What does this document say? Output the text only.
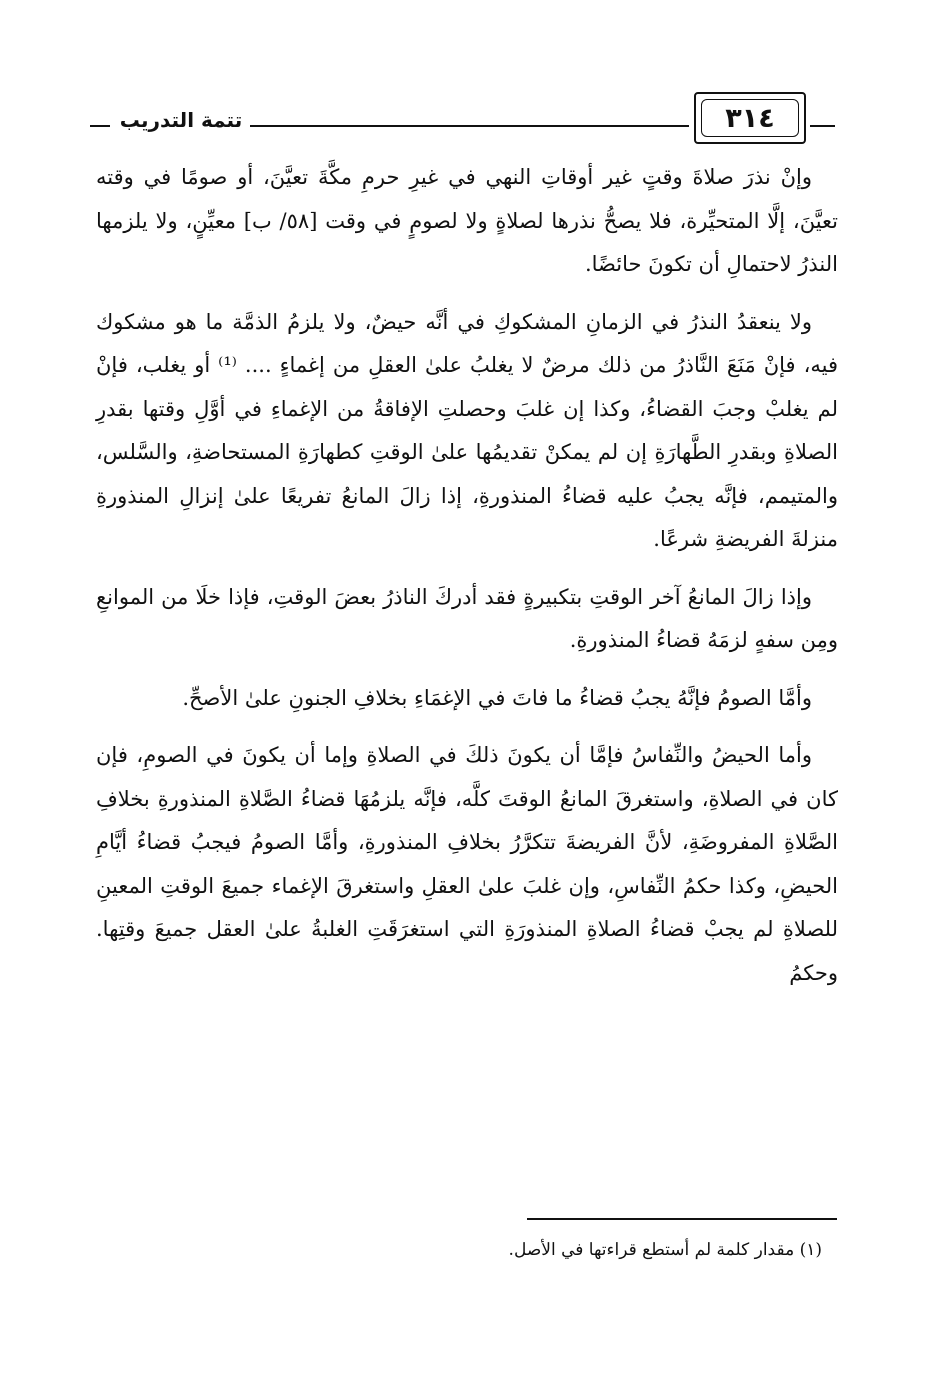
تتمة التدريب	٣١٤

وإنْ نذرَ صلاةَ وقتٍ غير أوقاتِ النهي في غيرِ حرمِ مكَّةَ تعيَّنَ، أو صومًا في وقته تعيَّنَ، إلَّا المتحيِّرة، فلا يصحُّ نذرها لصلاةٍ ولا لصومٍ في وقت [٥٨/ ب] معيِّنٍ، ولا يلزمها النذرُ لاحتمالِ أن تكونَ حائضًا.

ولا ينعقدُ النذرُ في الزمانِ المشكوكِ في أنَّه حيضٌ، ولا يلزمُ الذمَّة ما هو مشكوك فيه، فإنْ مَنَعَ النَّاذرُ من ذلك مرضٌ لا يغلبُ علىٰ العقلِ من إغماءٍ .... ⁽¹⁾ أو يغلب، فإنْ لم يغلبْ وجبَ القضاءُ، وكذا إن غلبَ وحصلتِ الإفاقةُ من الإغماءِ في أوَّلِ وقتها بقدرِ الصلاةِ وبقدرِ الطَّهارَةِ إن لم يمكنْ تقديمُها علىٰ الوقتِ كطهارَةِ المستحاضةِ، والسَّلس، والمتيمم، فإنَّه يجبُ عليه قضاءُ المنذورةِ، إذا زالَ المانعُ تفريعًا علىٰ إنزالِ المنذورةِ منزلةَ الفريضةِ شرعًا.

وإذا زالَ المانعُ آخر الوقتِ بتكبيرةٍ فقد أدركَ الناذرُ بعضَ الوقتِ، فإذا خلَا من الموانعِ ومِن سفهٍ لزمَهُ قضاءُ المنذورةِ.

وأمَّا الصومُ فإنَّهُ يجبُ قضاءُ ما فاتَ في الإغمَاءِ بخلافِ الجنونِ علىٰ الأصحِّ.

وأما الحيضُ والنِّفاسُ فإمَّا أن يكونَ ذلكَ في الصلاةِ وإما أن يكونَ في الصومِ، فإن كان في الصلاةِ، واستغرقَ المانعُ الوقتَ كلَّه، فإنَّه يلزمُهَا قضاءُ الصَّلاةِ المنذورةِ بخلافِ الصَّلاةِ المفروضَةِ، لأنَّ الفريضةَ تتكرَّرُ بخلافِ المنذورةِ، وأمَّا الصومُ فيجبُ قضاءُ أيَّامِ الحيضِ، وكذا حكمُ النِّفاسِ، وإن غلبَ علىٰ العقلِ واستغرقَ الإغماء جميعَ الوقتِ المعينِ للصلاةِ لم يجبْ قضاءُ الصلاةِ المنذورَةِ التي استغرَقَتِ الغلبةُ علىٰ العقل جميعَ وقتِها. وحكمُ

(١) مقدار كلمة لم أستطع قراءتها في الأصل.
